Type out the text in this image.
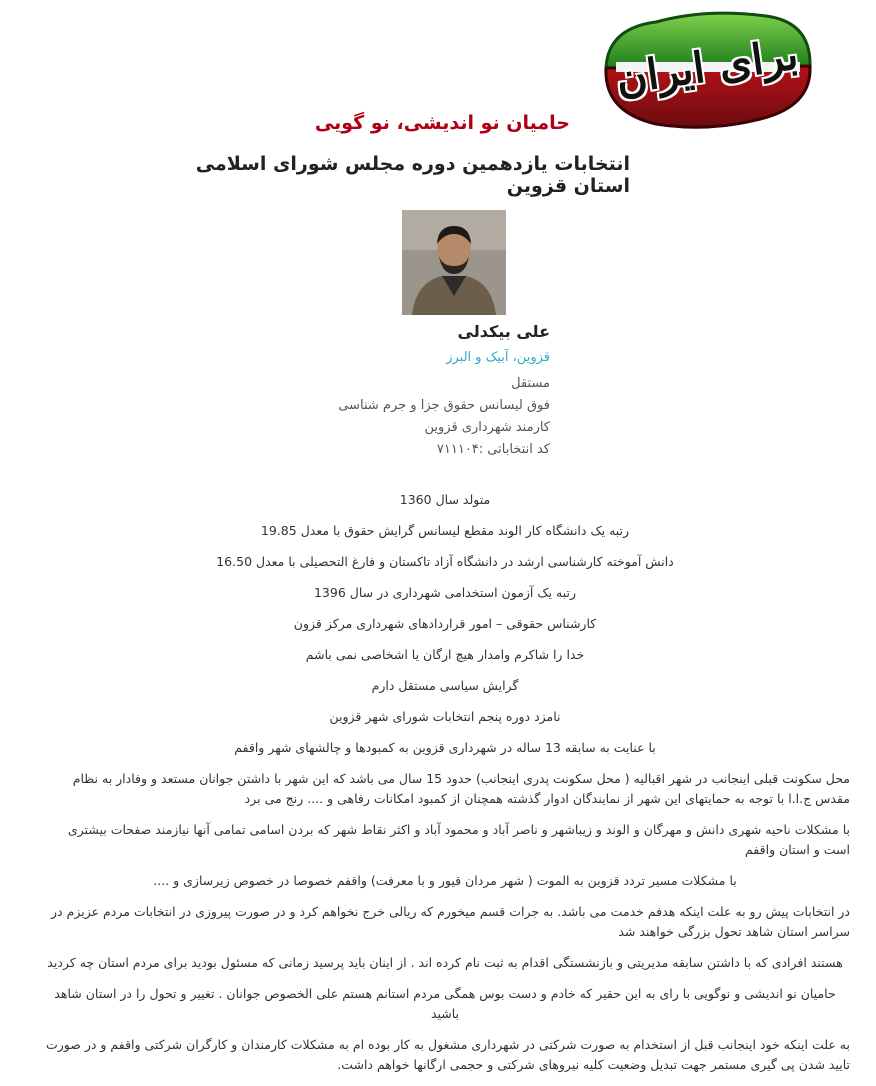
برای ایران
حامیان نو اندیشی، نو گویی
انتخابات یازدهمین دوره مجلس شورای اسلامی استان قزوین
علی بیکدلی
قزوین، آبیک و البرز
مستقل
فوق لیسانس حقوق جزا و جرم شناسی
کارمند شهرداری قزوین
کد انتخاباتی :۷۱۱۱۰۴

متولد سال 1360

رتبه یک دانشگاه کار الوند مقطع لیسانس گرایش حقوق با معدل 19.85

دانش آموخته کارشناسی ارشد در دانشگاه آزاد تاکستان و فارغ التحصیلی با معدل 16.50

رتبه یک آزمون استخدامی شهرداری در سال 1396

کارشناس حقوقی – امور قراردادهای شهرداری مرکز قزون

خدا را شاکرم وامدار هیچ ارگان یا اشخاصی نمی باشم

گرایش سیاسی مستقل دارم

نامزد دوره پنجم انتخابات شورای شهر قزوین

با عنایت به سابقه 13 ساله در شهرداری قزوین به کمبودها و چالشهای شهر واقفم

محل سکونت قبلی اینجانب در شهر اقبالیه ( محل سکونت پدری اینجانب) حدود 15 سال می باشد که این شهر با داشتن جوانان مستعد و وفادار به نظام مقدس ج.ا.ا با توجه به حمایتهای این شهر از نمایندگان ادوار گذشته همچنان از کمبود امکانات رفاهی و .... رنج می برد

با مشکلات ناحیه شهری دانش و مهرگان و الوند و زیباشهر و ناصر آباد و محمود آباد و اکثر نقاط شهر که بردن اسامی تمامی آنها نیازمند صفحات بیشتری است و استان واقفم

با مشکلات مسیر تردد قزوین به الموت ( شهر مردان قیور و با معرفت) واقفم خصوصا در خصوص زیرسازی و ....

در انتخابات پیش رو به علت اینکه هدفم خدمت می باشد. به جرات قسم میخورم که ریالی خرج نخواهم کرد و در صورت پیروزی در انتخابات مردم عزیزم در سراسر استان شاهد تحول بزرگی خواهند شد

هستند افرادی که با داشتن سابقه مدیریتی و بازنشستگی اقدام به ثبت نام کرده اند . از اینان باید پرسید زمانی که مسئول بودید برای مردم استان چه کردید

حامیان نو اندیشی و نوگویی با رای به این حقیر که خادم و دست بوس همگی مردم استانم هستم علی الخصوص جوانان . تغییر و تحول را در استان شاهد باشید

به علت اینکه خود اینجانب قبل از استخدام به صورت شرکتی در شهرداری مشغول به کار بوده ام به مشکلات کارمندان و کارگران شرکتی واقفم و در صورت تایید شدن پی گیری مستمر جهت تبدیل وضعیت کلیه نیروهای شرکتی و حجمی ارگانها خواهم داشت.
